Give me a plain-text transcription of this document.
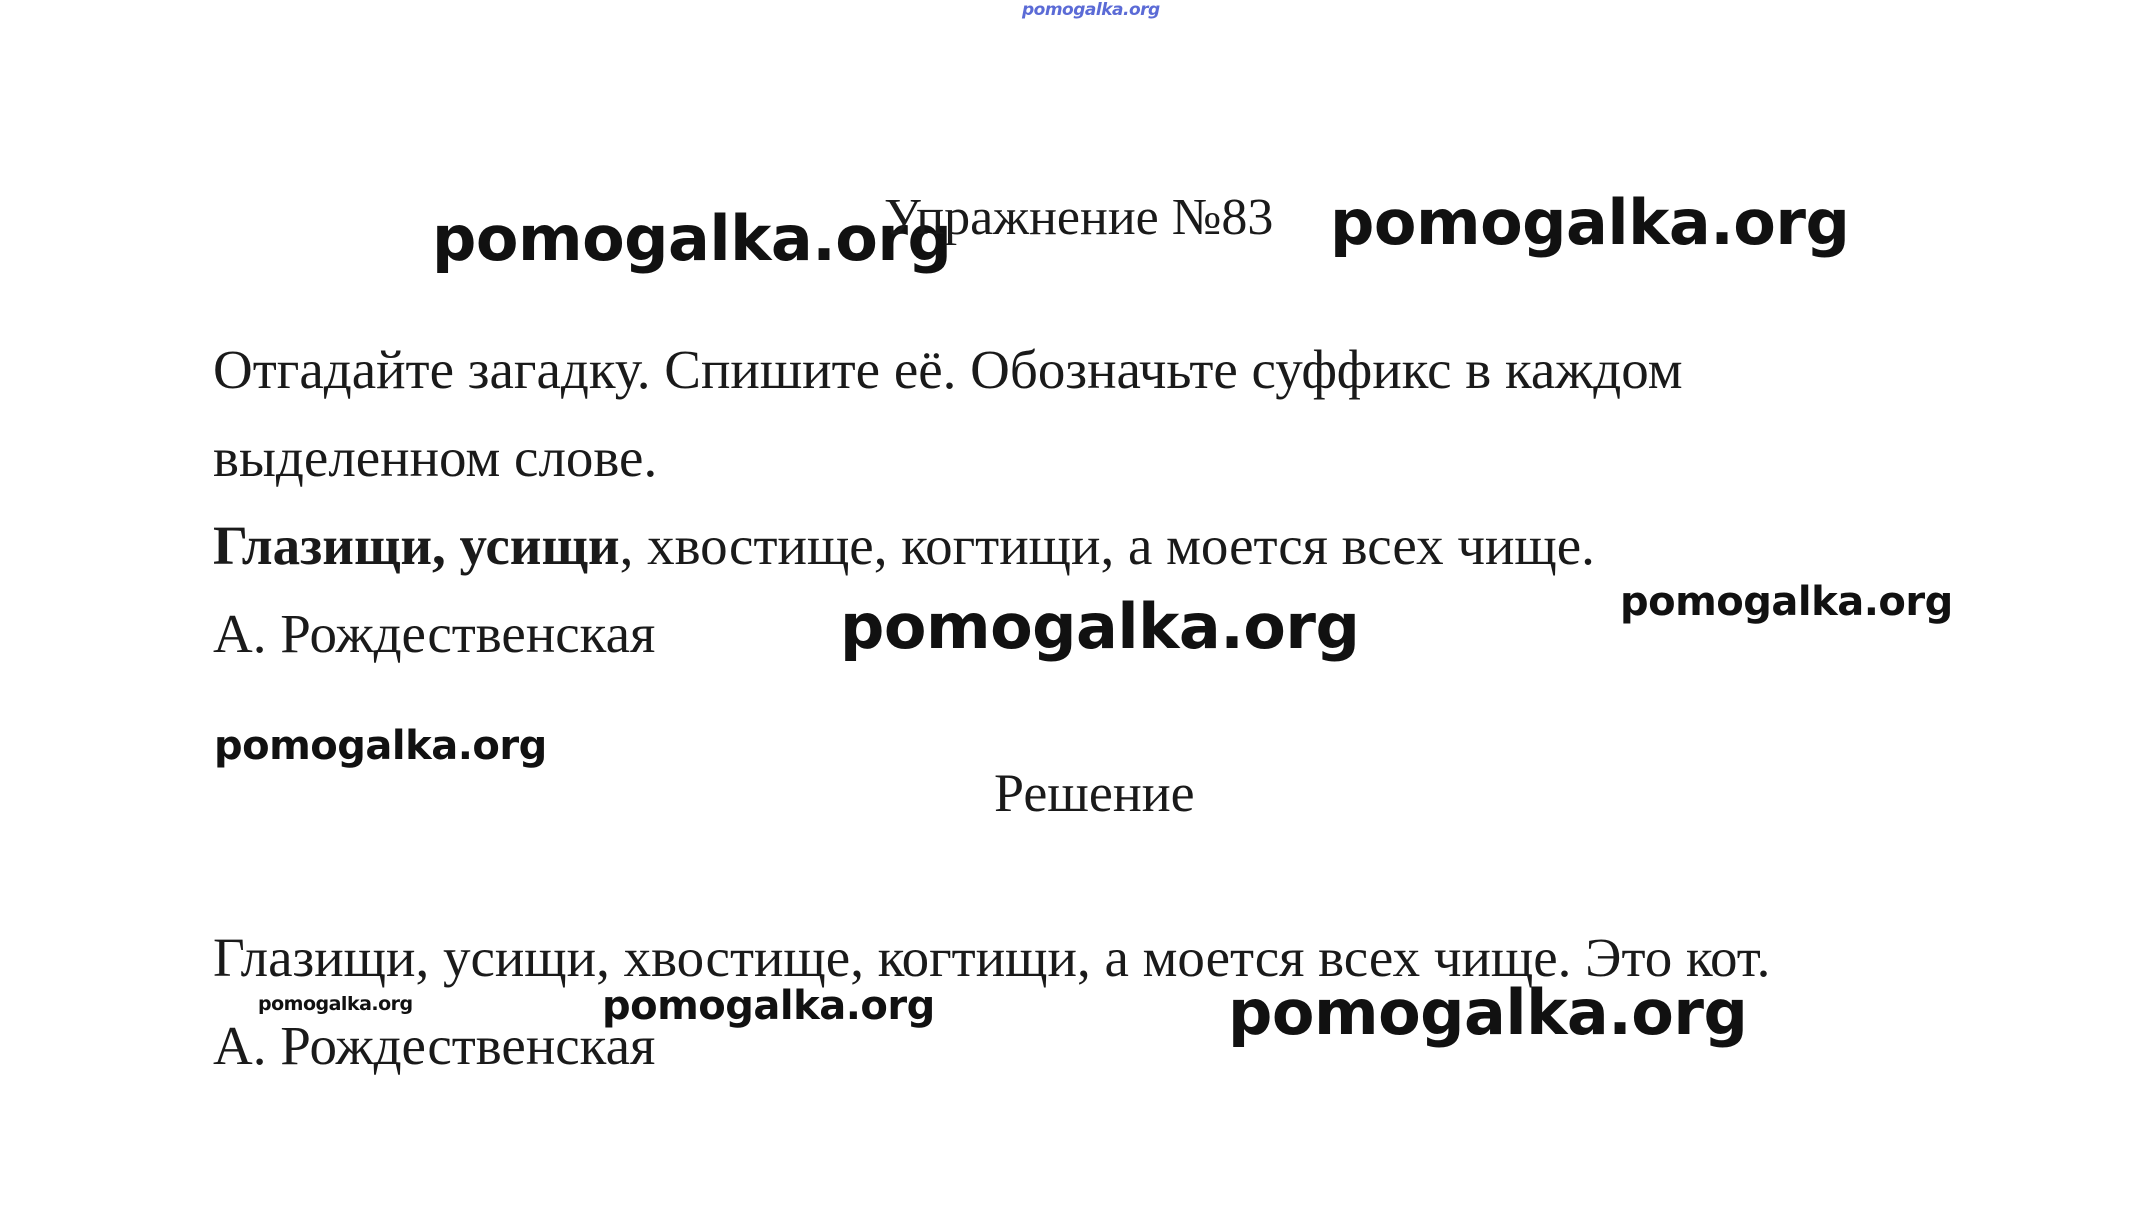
pomogalka.org
pomogalka.org
Упражнение №83 pomogalka.org
Отгадайте загадку. Спишите её. Обозначьте суффикс в каждом
выделенном слове.
Глазищи, усищи, хвостище, когтищи, а моется всех чище.
А. Рождественская	pomogalka.org	pomogalka.org
pomogalka.org
Решение
Глазищи, усищи, хвостище, когтищи, а моется всех чище. Это кот.
А. Рождественская
pomogalka.org	pomogalka.org	pomogalka.org
